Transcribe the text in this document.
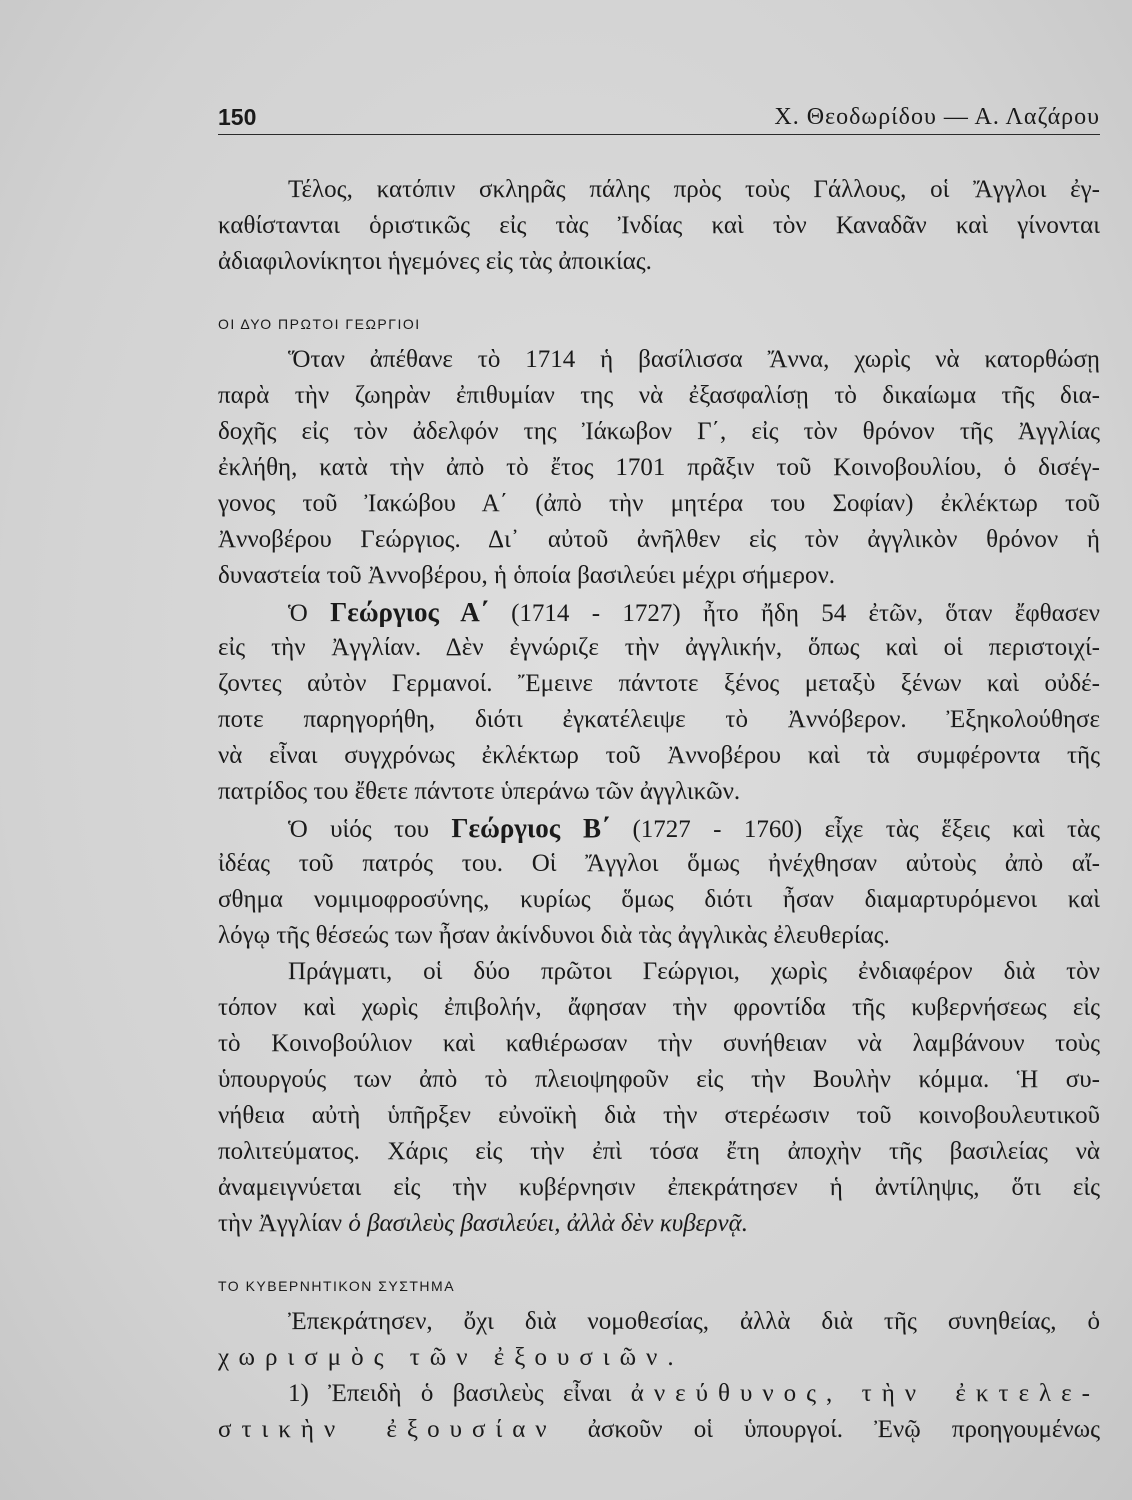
150	Χ. Θεοδωρίδου — Α. Λαζάρου
Τέλος, κατόπιν σκληρᾶς πάλης πρὸς τοὺς Γάλλους, οἱ Ἄγγλοι ἐγ-
καθίστανται ὁριστικῶς εἰς τὰς Ἰνδίας καὶ τὸν Καναδᾶν καὶ γίνονται
ἀδιαφιλονίκητοι ἡγεμόνες εἰς τὰς ἀποικίας.
ΟΙ ΔΥΟ ΠΡΩΤΟΙ ΓΕΩΡΓΙΟΙ
Ὅταν ἀπέθανε τὸ 1714 ἡ βασίλισσα Ἄννα, χωρὶς νὰ κατορθώσῃ
παρὰ τὴν ζωηρὰν ἐπιθυμίαν της νὰ ἐξασφαλίσῃ τὸ δικαίωμα τῆς δια-
δοχῆς εἰς τὸν ἀδελφόν της Ἰάκωβον Γ΄, εἰς τὸν θρόνον τῆς Ἀγγλίας
ἐκλήθη, κατὰ τὴν ἀπὸ τὸ ἔτος 1701 πρᾶξιν τοῦ Κοινοβουλίου, ὁ δισέγ-
γονος τοῦ Ἰακώβου Α΄ (ἀπὸ τὴν μητέρα του Σοφίαν) ἐκλέκτωρ τοῦ
Ἀννοβέρου Γεώργιος. Δι᾿ αὐτοῦ ἀνῆλθεν εἰς τὸν ἀγγλικὸν θρόνον ἡ
δυναστεία τοῦ Ἀννοβέρου, ἡ ὁποία βασιλεύει μέχρι σήμερον.
Ὁ Γεώργιος Α΄ (1714 - 1727) ἦτο ἤδη 54 ἐτῶν, ὅταν ἔφθασεν
εἰς τὴν Ἀγγλίαν. Δὲν ἐγνώριζε τὴν ἀγγλικήν, ὅπως καὶ οἱ περιστοιχί-
ζοντες αὐτὸν Γερμανοί. Ἔμεινε πάντοτε ξένος μεταξὺ ξένων καὶ οὐδέ-
ποτε παρηγορήθη, διότι ἐγκατέλειψε τὸ Ἀννόβερον. Ἐξηκολούθησε
νὰ εἶναι συγχρόνως ἐκλέκτωρ τοῦ Ἀννοβέρου καὶ τὰ συμφέροντα τῆς
πατρίδος του ἔθετε πάντοτε ὑπεράνω τῶν ἀγγλικῶν.
Ὁ υἱός του Γεώργιος Β΄ (1727 - 1760) εἶχε τὰς ἕξεις καὶ τὰς
ἰδέας τοῦ πατρός του. Οἱ Ἄγγλοι ὅμως ἠνέχθησαν αὐτοὺς ἀπὸ αἴ-
σθημα νομιμοφροσύνης, κυρίως ὅμως διότι ἦσαν διαμαρτυρόμενοι καὶ
λόγῳ τῆς θέσεώς των ἦσαν ἀκίνδυνοι διὰ τὰς ἀγγλικὰς ἐλευθερίας.
Πράγματι, οἱ δύο πρῶτοι Γεώργιοι, χωρὶς ἐνδιαφέρον διὰ τὸν
τόπον καὶ χωρὶς ἐπιβολήν, ἄφησαν τὴν φροντίδα τῆς κυβερνήσεως εἰς
τὸ Κοινοβούλιον καὶ καθιέρωσαν τὴν συνήθειαν νὰ λαμβάνουν τοὺς
ὑπουργούς των ἀπὸ τὸ πλειοψηφοῦν εἰς τὴν Βουλὴν κόμμα. Ἡ συ-
νήθεια αὐτὴ ὑπῆρξεν εὐνοϊκὴ διὰ τὴν στερέωσιν τοῦ κοινοβουλευτικοῦ
πολιτεύματος. Χάρις εἰς τὴν ἐπὶ τόσα ἔτη ἀποχὴν τῆς βασιλείας νὰ
ἀναμειγνύεται εἰς τὴν κυβέρνησιν ἐπεκράτησεν ἡ ἀντίληψις, ὅτι εἰς
τὴν Ἀγγλίαν ὁ βασιλεὺς βασιλεύει, ἀλλὰ δὲν κυβερνᾷ.
ΤΟ ΚΥΒΕΡΝΗΤΙΚΟΝ ΣΥΣΤΗΜΑ
Ἐπεκράτησεν, ὄχι διὰ νομοθεσίας, ἀλλὰ διὰ τῆς συνηθείας, ὁ
χωρισμὸς τῶν ἐξουσιῶν.
1) Ἐπειδὴ ὁ βασιλεὺς εἶναι ἀνεύθυνος, τὴν ἐκτελε-
στικὴν ἐξουσίαν ἀσκοῦν οἱ ὑπουργοί. Ἐνῷ προηγουμένως
